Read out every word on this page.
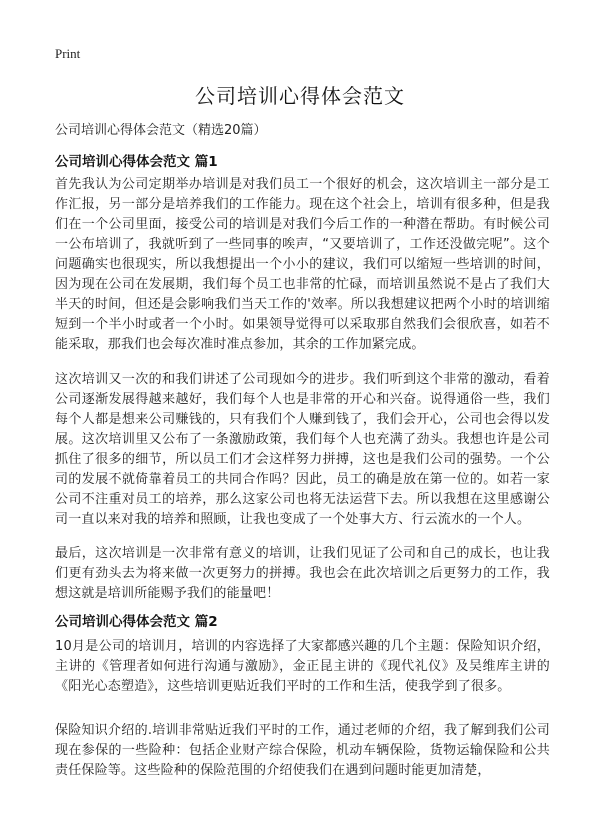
Print
公司培训心得体会范文
公司培训心得体会范文（精选20篇）
公司培训心得体会范文 篇1

首先我认为公司定期举办培训是对我们员工一个很好的机会，这次培训主一部分是工作汇报，另一部分是培养我们的工作能力。现在这个社会上，培训有很多种，但是我们在一个公司里面，接受公司的培训是对我们今后工作的一种潜在帮助。有时候公司一公布培训了，我就听到了一些同事的唉声，“又要培训了，工作还没做完呢”。这个问题确实也很现实，所以我想提出一个小小的建议，我们可以缩短一些培训的时间，因为现在公司在发展期，我们每个员工也非常的忙碌，而培训虽然说不是占了我们大半天的时间，但还是会影响我们当天工作的'效率。所以我想建议把两个小时的培训缩短到一个半小时或者一个小时。如果领导觉得可以采取那自然我们会很欣喜，如若不能采取，那我们也会每次准时准点参加，其余的工作加紧完成。

这次培训又一次的和我们讲述了公司现如今的进步。我们听到这个非常的激动，看着公司逐渐发展得越来越好，我们每个人也是非常的开心和兴奋。说得通俗一些，我们每个人都是想来公司赚钱的，只有我们个人赚到钱了，我们会开心，公司也会得以发展。这次培训里又公布了一条激励政策，我们每个人也充满了劲头。我想也许是公司抓住了很多的细节，所以员工们才会这样努力拼搏，这也是我们公司的强势。一个公司的发展不就倚靠着员工的共同合作吗？因此，员工的确是放在第一位的。如若一家公司不注重对员工的培养，那么这家公司也将无法运营下去。所以我想在这里感谢公司一直以来对我的培养和照顾，让我也变成了一个处事大方、行云流水的一个人。

最后，这次培训是一次非常有意义的培训，让我们见证了公司和自己的成长，也让我们更有劲头去为将来做一次更努力的拼搏。我也会在此次培训之后更努力的工作，我想这就是培训所能赐予我们的能量吧！

公司培训心得体会范文 篇2

10月是公司的培训月，培训的内容选择了大家都感兴趣的几个主题：保险知识介绍，主讲的《管理者如何进行沟通与激励》，金正昆主讲的《现代礼仪》及吴维库主讲的《阳光心态塑造》，这些培训更贴近我们平时的工作和生活，使我学到了很多。

保险知识介绍的.培训非常贴近我们平时的工作，通过老师的介绍，我了解到我们公司现在参保的一些险种：包括企业财产综合保险，机动车辆保险，货物运输保险和公共责任保险等。这些险种的保险范围的介绍使我们在遇到问题时能更加清楚，
